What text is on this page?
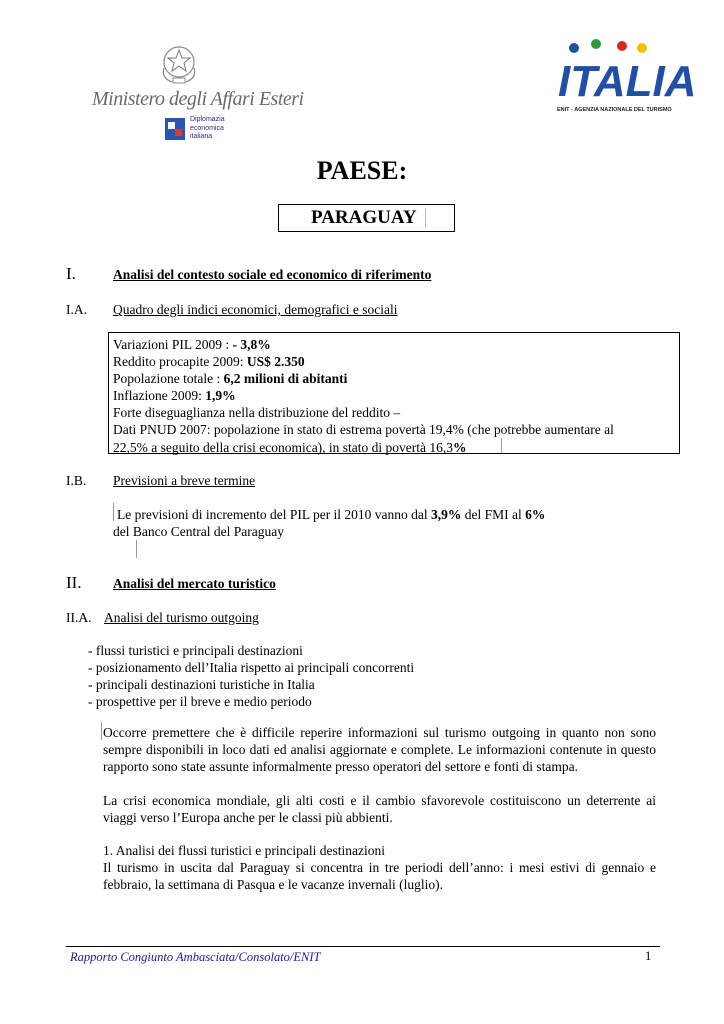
Ministero degli Affari Esteri
Diplomazia
economica
italiana
ITALIA
ENIT - AGENZIA NAZIONALE DEL TURISMO
PAESE:
PARAGUAY
I.	Analisi del contesto sociale ed economico di riferimento
I.A. Quadro degli indici economici, demografici e sociali
Variazioni PIL 2009 : - 3,8%
Reddito procapite 2009: US$ 2.350
Popolazione totale : 6,2 milioni di abitanti
Inflazione 2009: 1,9%
Forte diseguaglianza nella distribuzione del reddito –
Dati PNUD 2007: popolazione in stato di estrema povertà 19,4% (che potrebbe aumentare al
22,5% a seguito della crisi economica), in stato di povertà 16,3%
I.B. Previsioni a breve termine
Le previsioni di incremento del PIL per il 2010 vanno dal 3,9% del FMI al 6%
del Banco Central del Paraguay
II. Analisi del mercato turistico
II.A. Analisi del turismo outgoing
- flussi turistici e principali destinazioni
- posizionamento dell’Italia rispetto ai principali concorrenti
- principali destinazioni turistiche in Italia
- prospettive per il breve e medio periodo
Occorre premettere che è difficile reperire informazioni sul turismo outgoing in quanto non sono sempre disponibili in loco dati ed analisi aggiornate e complete. Le informazioni contenute in questo rapporto sono state assunte informalmente presso operatori del settore e fonti di stampa.
La crisi economica mondiale, gli alti costi e il cambio sfavorevole costituiscono un deterrente ai viaggi verso l’Europa anche per le classi più abbienti.
1. Analisi dei flussi turistici e principali destinazioni
Il turismo in uscita dal Paraguay si concentra in tre periodi dell’anno: i mesi estivi di gennaio e febbraio, la settimana di Pasqua e le vacanze invernali (luglio).
Rapporto Congiunto Ambasciata/Consolato/ENIT	1
